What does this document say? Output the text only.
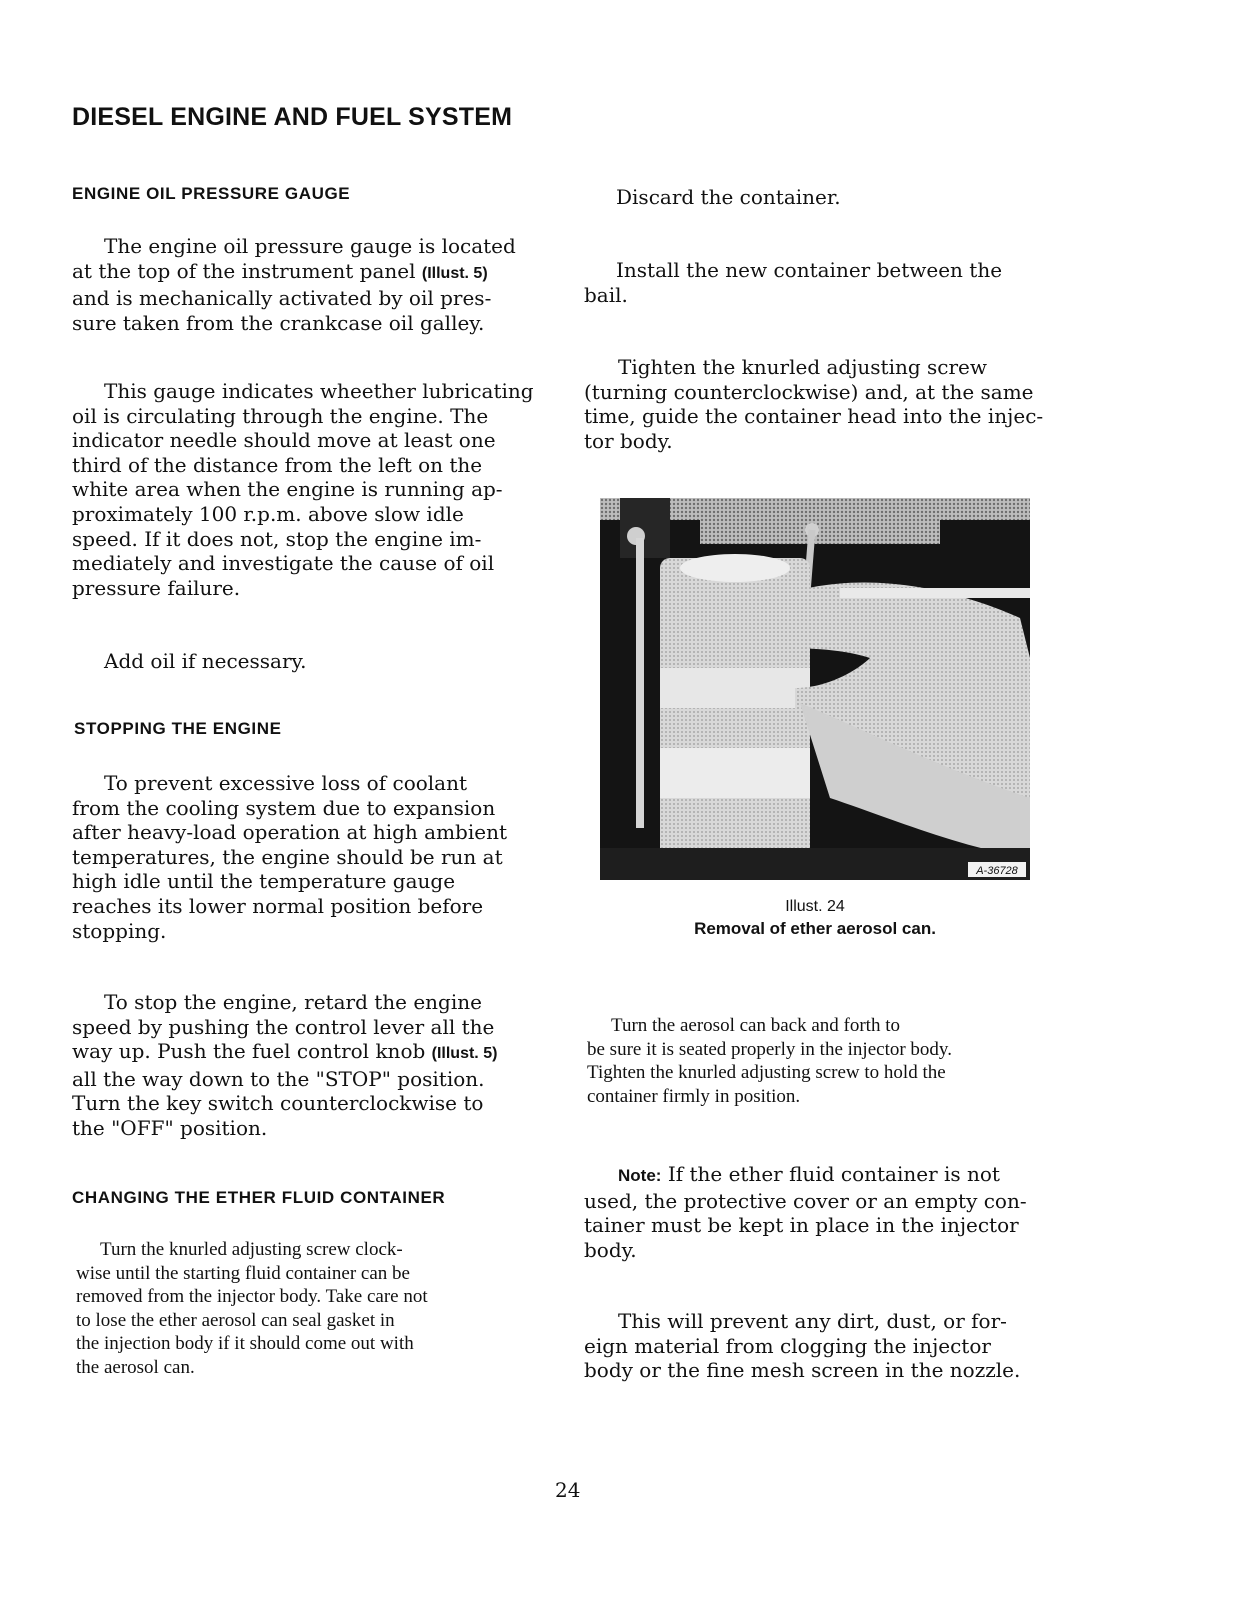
DIESEL ENGINE AND FUEL SYSTEM
ENGINE OIL PRESSURE GAUGE
The engine oil pressure gauge is located
at the top of the instrument panel (Illust. 5)
and is mechanically activated by oil pres-
sure taken from the crankcase oil galley.
This gauge indicates wheether lubricating
oil is circulating through the engine. The
indicator needle should move at least one
third of the distance from the left on the
white area when the engine is running ap-
proximately 100 r.p.m. above slow idle
speed. If it does not, stop the engine im-
mediately and investigate the cause of oil
pressure failure.
Add oil if necessary.
STOPPING THE ENGINE
To prevent excessive loss of coolant
from the cooling system due to expansion
after heavy-load operation at high ambient
temperatures, the engine should be run at
high idle until the temperature gauge
reaches its lower normal position before
stopping.
To stop the engine, retard the engine
speed by pushing the control lever all the
way up. Push the fuel control knob (Illust. 5)
all the way down to the "STOP" position.
Turn the key switch counterclockwise to
the "OFF" position.
CHANGING THE ETHER FLUID CONTAINER
Turn the knurled adjusting screw clock-
wise until the starting fluid container can be
removed from the injector body. Take care not
to lose the ether aerosol can seal gasket in
the injection body if it should come out with
the aerosol can.
Discard the container.
Install the new container between the
bail.
Tighten the knurled adjusting screw
(turning counterclockwise) and, at the same
time, guide the container head into the injec-
tor body.
A-36728
Illust. 24
Removal of ether aerosol can.
Turn the aerosol can back and forth to
be sure it is seated properly in the injector body.
Tighten the knurled adjusting screw to hold the
container firmly in position.
Note: If the ether fluid container is not
used, the protective cover or an empty con-
tainer must be kept in place in the injector
body.
This will prevent any dirt, dust, or for-
eign material from clogging the injector
body or the fine mesh screen in the nozzle.
24
